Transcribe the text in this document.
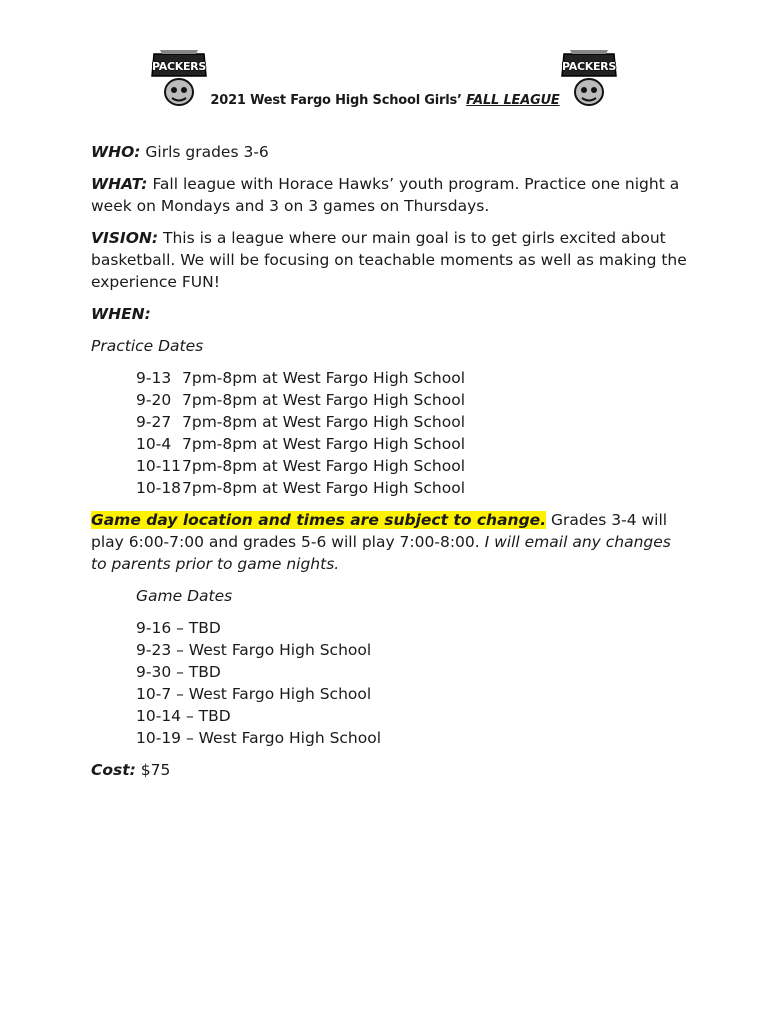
PACKERS	PACKERS
2021 West Fargo High School Girls’ FALL LEAGUE

WHO: Girls grades 3-6

WHAT: Fall league with Horace Hawks’ youth program. Practice one night a week on Mondays and 3 on 3 games on Thursdays.

VISION: This is a league where our main goal is to get girls excited about basketball. We will be focusing on teachable moments as well as making the experience FUN!

WHEN:

Practice Dates

9-13 7pm-8pm at West Fargo High School
9-20 7pm-8pm at West Fargo High School
9-27 7pm-8pm at West Fargo High School
10-4 7pm-8pm at West Fargo High School
10-117pm-8pm at West Fargo High School
10-187pm-8pm at West Fargo High School

Game day location and times are subject to change. Grades 3-4 will play 6:00-7:00 and grades 5-6 will play 7:00-8:00. I will email any changes to parents prior to game nights.

Game Dates

9-16 – TBD
9-23 – West Fargo High School
9-30 – TBD
10-7 – West Fargo High School
10-14 – TBD
10-19 – West Fargo High School

Cost: $75
